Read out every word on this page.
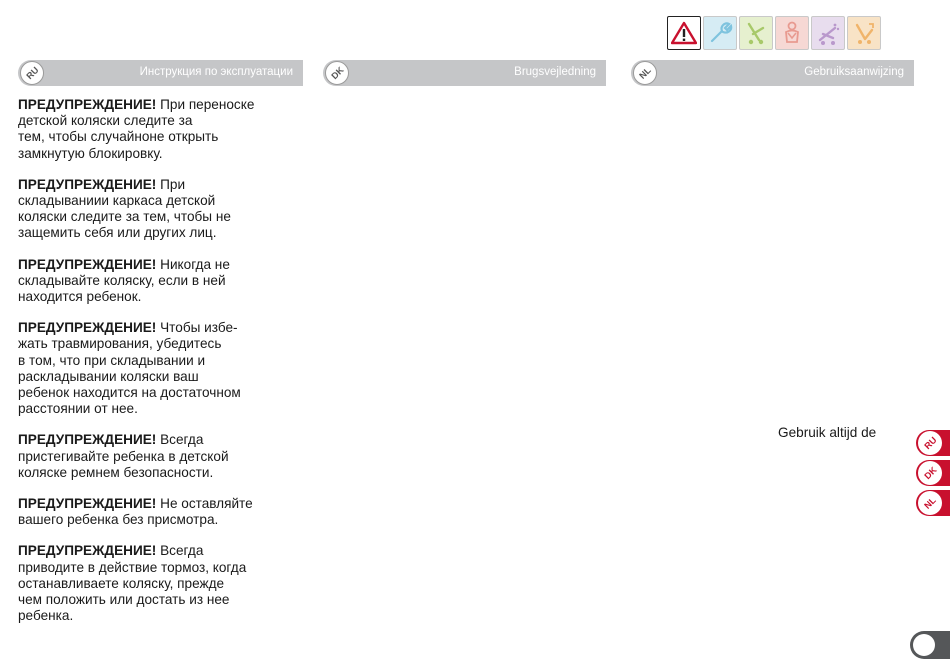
RU	Инструкция по эксплуатации	DK	Brugsvejledning	NL	Gebruiksaanwijzing

ПРЕДУПРЕЖДЕНИЕ! При переноске
детской коляски следите за
тем, чтобы случайноне открыть
замкнутую блокировку.

ПРЕДУПРЕЖДЕНИЕ! При
складываниии каркаса детской
коляски следите за тем, чтобы не
защемить себя или других лиц.

ПРЕДУПРЕЖДЕНИЕ! Никогда не
складывайте коляску, если в ней
находится ребенок.

ПРЕДУПРЕЖДЕНИЕ! Чтобы избе-
жать травмирования, убедитесь
в том, что при складывании и
раскладывании коляски ваш
ребенок находится на достаточном
расстоянии от нее.

ПРЕДУПРЕЖДЕНИЕ! Всегда
пристегивайте ребенка в детской
коляске ремнем безопасности.

ПРЕДУПРЕЖДЕНИЕ! Не оставляйте
вашего ребенка без присмотра.

ПРЕДУПРЕЖДЕНИЕ! Всегда
приводите в действие тормоз, когда
останавливаете коляску, прежде
чем положить или достать из нее
ребенка.

Gebruik altijd de
RU
DK
NL
